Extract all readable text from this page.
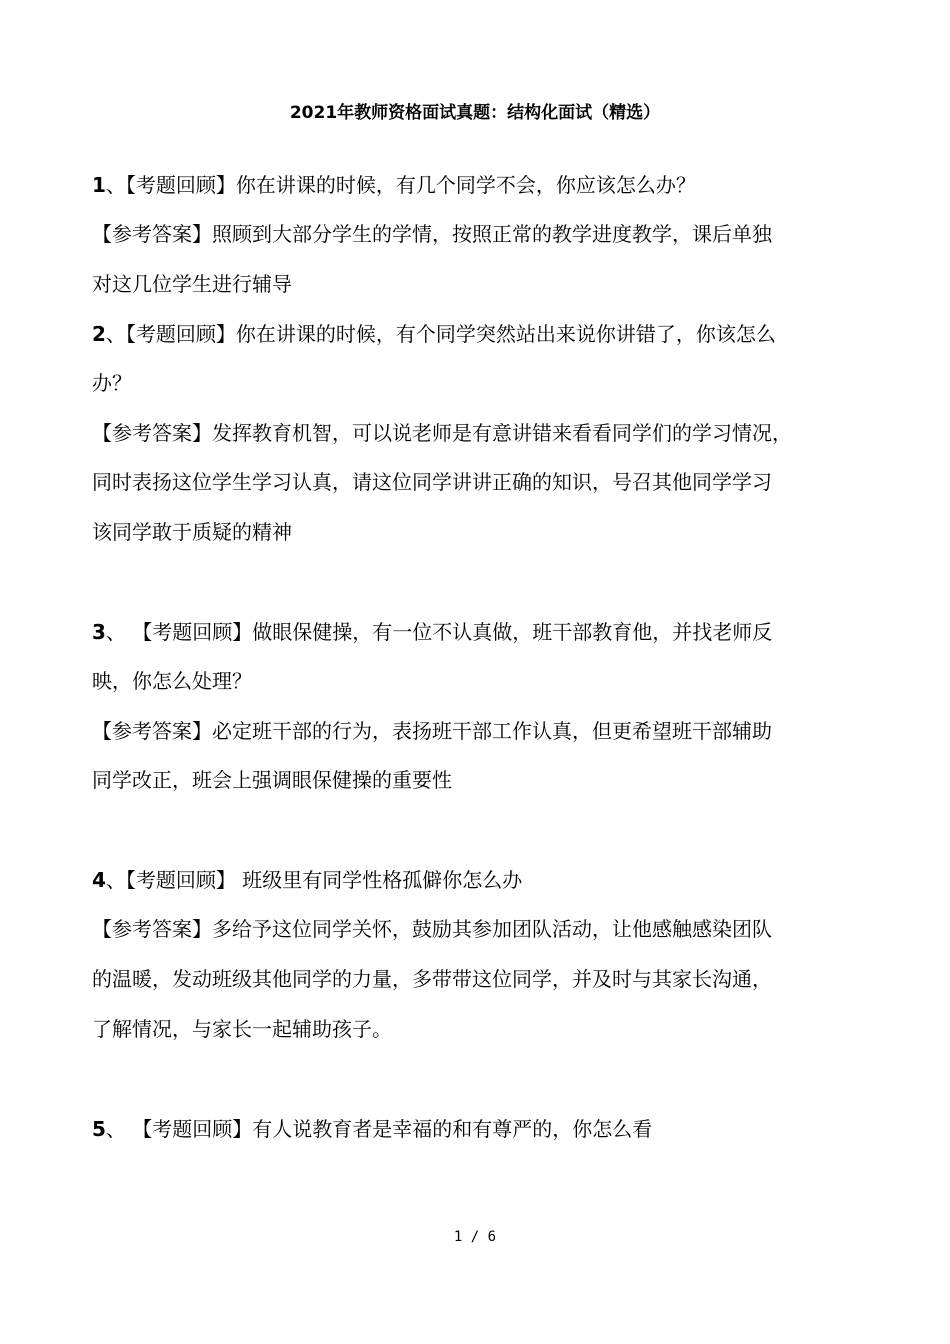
2021年教师资格面试真题：结构化面试（精选）
1、【考题回顾】你在讲课的时候，有几个同学不会，你应该怎么办？
【参考答案】照顾到大部分学生的学情，按照正常的教学进度教学，课后单独
对这几位学生进行辅导
2、【考题回顾】你在讲课的时候，有个同学突然站出来说你讲错了，你该怎么
办？
【参考答案】发挥教育机智，可以说老师是有意讲错来看看同学们的学习情况，
同时表扬这位学生学习认真，请这位同学讲讲正确的知识，号召其他同学学习
该同学敢于质疑的精神
3、 【考题回顾】做眼保健操，有一位不认真做，班干部教育他，并找老师反
映，你怎么处理？
【参考答案】必定班干部的行为，表扬班干部工作认真，但更希望班干部辅助
同学改正，班会上强调眼保健操的重要性
4、【考题回顾】 班级里有同学性格孤僻你怎么办
【参考答案】多给予这位同学关怀，鼓励其参加团队活动，让他感触感染团队
的温暖，发动班级其他同学的力量，多带带这位同学，并及时与其家长沟通，
了解情况，与家长一起辅助孩子。
5、 【考题回顾】有人说教育者是幸福的和有尊严的，你怎么看
1 / 6
